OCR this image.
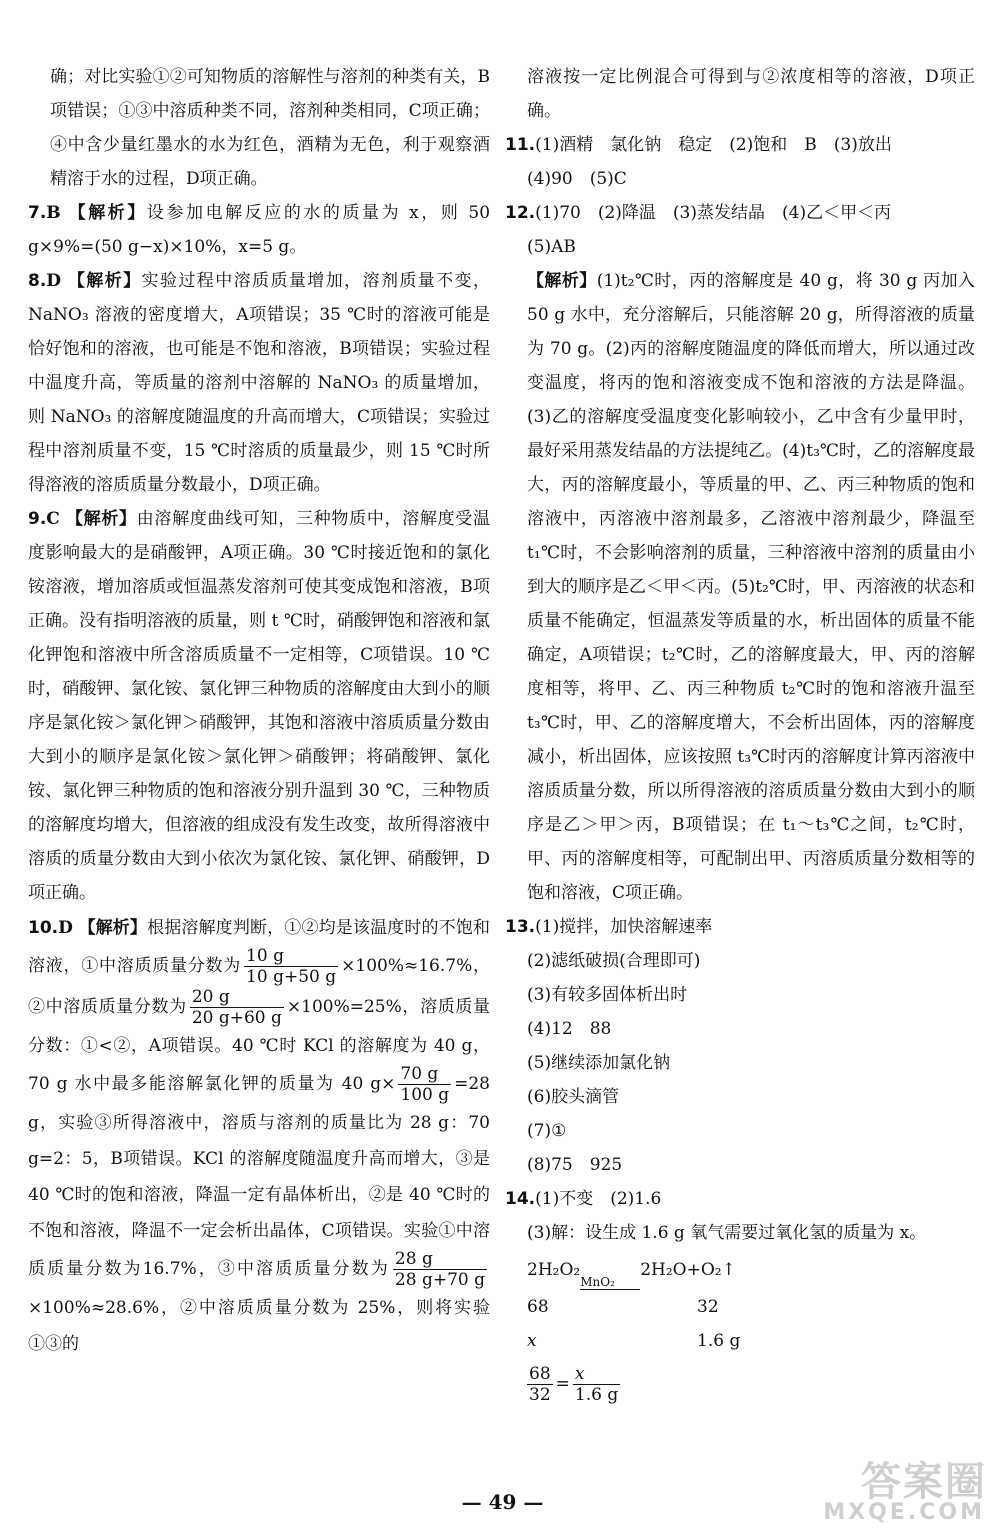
确；对比实验①②可知物质的溶解性与溶剂的种类有关，B项错误；①③中溶质种类不同，溶剂种类相同，C项正确；④中含少量红墨水的水为红色，酒精为无色，利于观察酒精溶于水的过程，D项正确。

7.B 【解析】设参加电解反应的水的质量为 x，则 50 g×9%=(50 g−x)×10%，x=5 g。

8.D 【解析】实验过程中溶质质量增加，溶剂质量不变，NaNO₃ 溶液的密度增大，A项错误；35 ℃时的溶液可能是恰好饱和的溶液，也可能是不饱和溶液，B项错误；实验过程中温度升高，等质量的溶剂中溶解的 NaNO₃ 的质量增加，则 NaNO₃ 的溶解度随温度的升高而增大，C项错误；实验过程中溶剂质量不变，15 ℃时溶质的质量最少，则 15 ℃时所得溶液的溶质质量分数最小，D项正确。

9.C 【解析】由溶解度曲线可知，三种物质中，溶解度受温度影响最大的是硝酸钾，A项正确。30 ℃时接近饱和的氯化铵溶液，增加溶质或恒温蒸发溶剂可使其变成饱和溶液，B项正确。没有指明溶液的质量，则 t ℃时，硝酸钾饱和溶液和氯化钾饱和溶液中所含溶质质量不一定相等，C项错误。10 ℃时，硝酸钾、氯化铵、氯化钾三种物质的溶解度由大到小的顺序是氯化铵＞氯化钾＞硝酸钾，其饱和溶液中溶质质量分数由大到小的顺序是氯化铵＞氯化钾＞硝酸钾；将硝酸钾、氯化铵、氯化钾三种物质的饱和溶液分别升温到 30 ℃，三种物质的溶解度均增大，但溶液的组成没有发生改变，故所得溶液中溶质的质量分数由大到小依次为氯化铵、氯化钾、硝酸钾，D项正确。

10.D 【解析】根据溶解度判断，①②均是该温度时的不饱和溶液，①中溶质质量分数为 $\frac{10 g}{10 g+50 g} \times 100\%\approx 16.7\%$，②中溶质质量分数为 $\frac{20 g}{20 g+60 g} \times 100\%=25\%$，溶质质量分数：①<②，A项错误。40 ℃时 KCl 的溶解度为 40 g，70 g 水中最多能溶解氯化钾的质量为 40 $g\times \frac{70 g}{100 g} =28$ g，实验③所得溶液中，溶质与溶剂的质量比为 28 g：70 g=2：5，B项错误。KCl 的溶解度随温度升高而增大，③是 40 ℃时的饱和溶液，降温一定有晶体析出，②是 40 ℃时的不饱和溶液，降温不一定会析出晶体，C项错误。实验①中溶质质量分数为16.7%，③中溶质质量分数为 $\frac{28 g}{28 g+70 g}$
×100%≈28.6%，②中溶质质量分数为 25%，则将实验①③的

溶液按一定比例混合可得到与②浓度相等的溶液，D项正确。

11.(1)酒精　氯化钠　稳定　(2)饱和　B　(3)放出

(4)90　(5)C

12.(1)70　(2)降温　(3)蒸发结晶　(4)乙＜甲＜丙

(5)AB

【解析】(1)t₂℃时，丙的溶解度是 40 g，将 30 g 丙加入 50 g 水中，充分溶解后，只能溶解 20 g，所得溶液的质量为 70 g。(2)丙的溶解度随温度的降低而增大，所以通过改变温度，将丙的饱和溶液变成不饱和溶液的方法是降温。(3)乙的溶解度受温度变化影响较小，乙中含有少量甲时，最好采用蒸发结晶的方法提纯乙。(4)t₃℃时，乙的溶解度最大，丙的溶解度最小，等质量的甲、乙、丙三种物质的饱和溶液中，丙溶液中溶剂最多，乙溶液中溶剂最少，降温至 t₁℃时，不会影响溶剂的质量，三种溶液中溶剂的质量由小到大的顺序是乙＜甲＜丙。(5)t₂℃时，甲、丙溶液的状态和质量不能确定，恒温蒸发等质量的水，析出固体的质量不能确定，A项错误；t₂℃时，乙的溶解度最大，甲、丙的溶解度相等，将甲、乙、丙三种物质 t₂℃时的饱和溶液升温至 t₃℃时，甲、乙的溶解度增大，不会析出固体，丙的溶解度减小，析出固体，应该按照 t₃℃时丙的溶解度计算丙溶液中溶质质量分数，所以所得溶液的溶质质量分数由大到小的顺序是乙＞甲＞丙，B项错误；在 t₁～t₃℃之间，t₂℃时，甲、丙的溶解度相等，可配制出甲、丙溶质质量分数相等的饱和溶液，C项正确。

13.(1)搅拌，加快溶解速率

(2)滤纸破损(合理即可)

(3)有较多固体析出时

(4)12　88

(5)继续添加氯化钠

(6)胶头滴管

(7)①

(8)75　925

14.(1)不变　(2)1.6

(3)解：设生成 1.6 g 氧气需要过氧化氢的质量为 x。

2H₂O₂
MnO₂
2H₂O+O₂↑
68	32
x	1.6 g
$\frac{68}{32} = \frac{x}{1.6 g}$
— 49 —	答案圈
MXQE.COM
